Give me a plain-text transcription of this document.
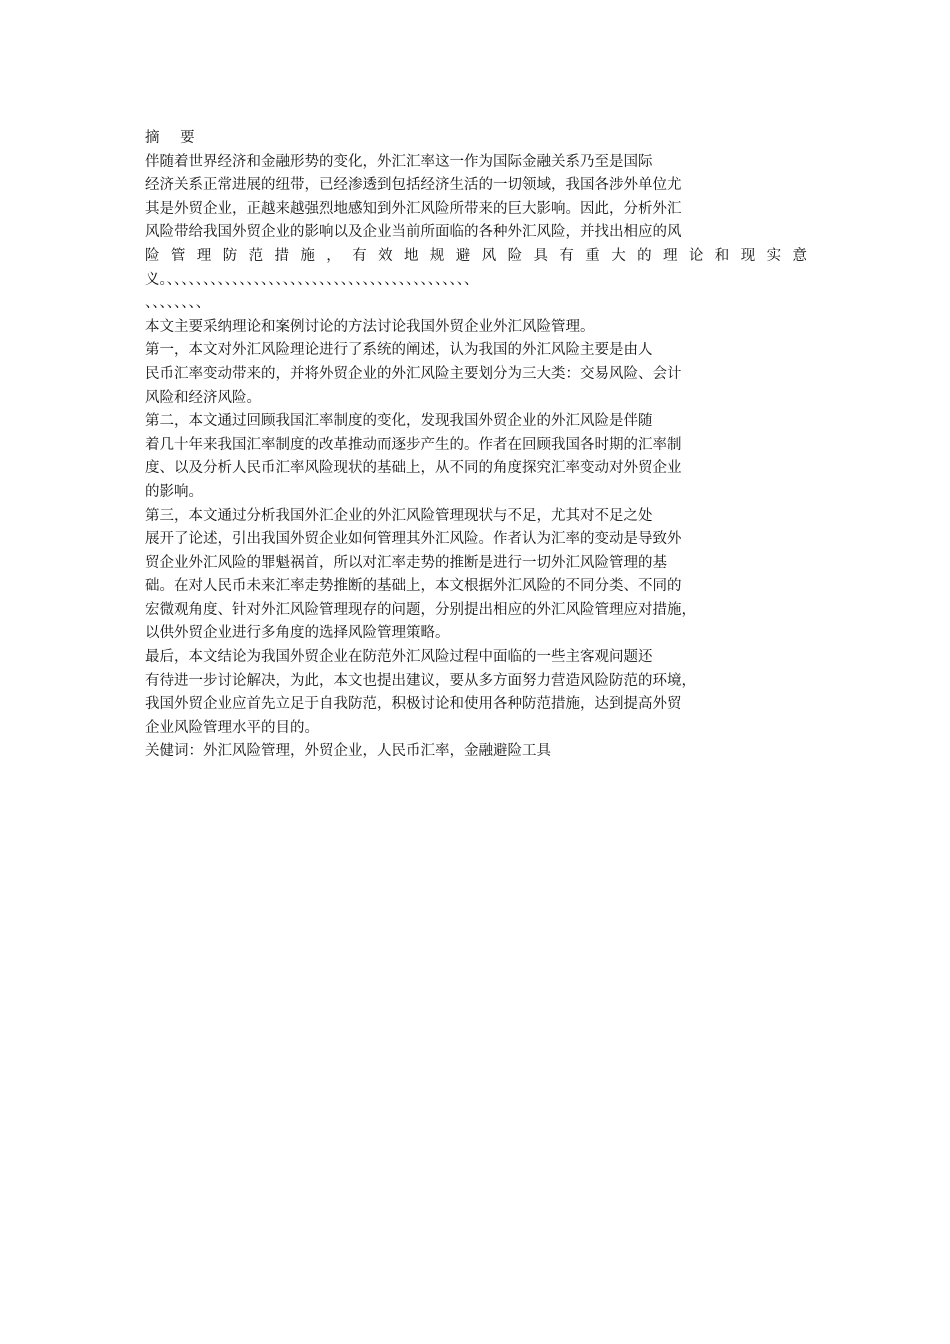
摘 要
伴随着世界经济和金融形势的变化，外汇汇率这一作为国际金融关系乃至是国际
经济关系正常进展的纽带，已经渗透到包括经济生活的一切领域，我国各涉外单位尤
其是外贸企业，正越来越强烈地感知到外汇风险所带来的巨大影响。因此，分析外汇
风险带给我国外贸企业的影响以及企业当前所面临的各种外汇风险，并找出相应的风
险管理防范措施，有效地规避风险具有重大的理论和现实意
义。、、、、、、、、、、、、、、、、、、、、、、、、、、、、、、、、、、、、、、、、、、
、、、、、、、、
本文主要采纳理论和案例讨论的方法讨论我国外贸企业外汇风险管理。
第一，本文对外汇风险理论进行了系统的阐述，认为我国的外汇风险主要是由人
民币汇率变动带来的，并将外贸企业的外汇风险主要划分为三大类：交易风险、会计
风险和经济风险。
第二，本文通过回顾我国汇率制度的变化，发现我国外贸企业的外汇风险是伴随
着几十年来我国汇率制度的改革推动而逐步产生的。作者在回顾我国各时期的汇率制
度、以及分析人民币汇率风险现状的基础上，从不同的角度探究汇率变动对外贸企业
的影响。
第三，本文通过分析我国外汇企业的外汇风险管理现状与不足，尤其对不足之处
展开了论述，引出我国外贸企业如何管理其外汇风险。作者认为汇率的变动是导致外
贸企业外汇风险的罪魁祸首，所以对汇率走势的推断是进行一切外汇风险管理的基
础。在对人民币未来汇率走势推断的基础上，本文根据外汇风险的不同分类、不同的
宏微观角度、针对外汇风险管理现存的问题，分别提出相应的外汇风险管理应对措施，
以供外贸企业进行多角度的选择风险管理策略。
最后，本文结论为我国外贸企业在防范外汇风险过程中面临的一些主客观问题还
有待进一步讨论解决，为此，本文也提出建议，要从多方面努力营造风险防范的环境，
我国外贸企业应首先立足于自我防范，积极讨论和使用各种防范措施，达到提高外贸
企业风险管理水平的目的。
关健词：外汇风险管理，外贸企业，人民币汇率，金融避险工具
